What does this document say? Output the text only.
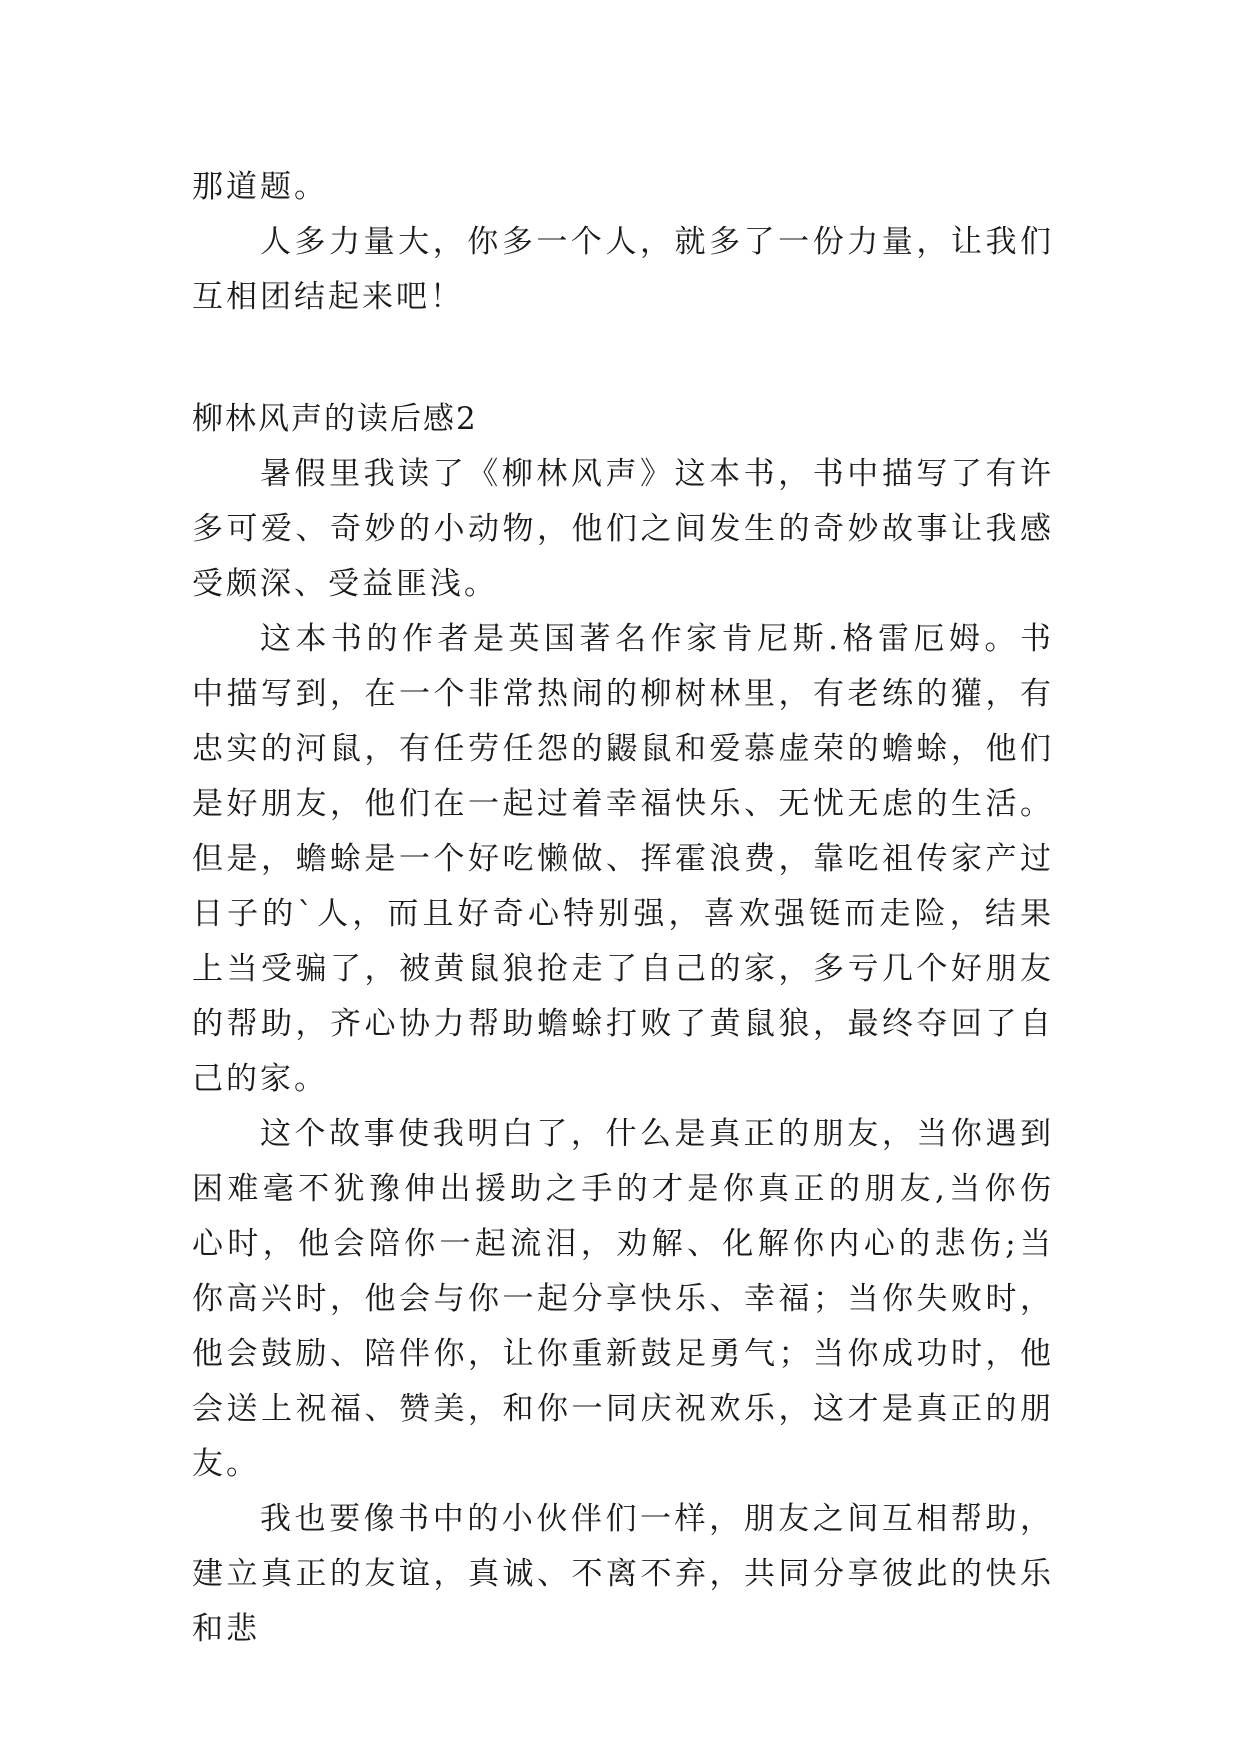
那道题。

人多力量大，你多一个人，就多了一份力量，让我们互相团结起来吧！

柳林风声的读后感2

暑假里我读了《柳林风声》这本书，书中描写了有许多可爱、奇妙的小动物，他们之间发生的奇妙故事让我感受颇深、受益匪浅。

这本书的作者是英国著名作家肯尼斯.格雷厄姆。书中描写到，在一个非常热闹的柳树林里，有老练的獾，有忠实的河鼠，有任劳任怨的鼹鼠和爱慕虚荣的蟾蜍，他们是好朋友，他们在一起过着幸福快乐、无忧无虑的生活。但是，蟾蜍是一个好吃懒做、挥霍浪费，靠吃祖传家产过日子的`人，而且好奇心特别强，喜欢强铤而走险，结果上当受骗了，被黄鼠狼抢走了自己的家，多亏几个好朋友的帮助，齐心协力帮助蟾蜍打败了黄鼠狼，最终夺回了自己的家。

这个故事使我明白了，什么是真正的朋友，当你遇到困难毫不犹豫伸出援助之手的才是你真正的朋友,当你伤心时，他会陪你一起流泪，劝解、化解你内心的悲伤;当你高兴时，他会与你一起分享快乐、幸福；当你失败时，他会鼓励、陪伴你，让你重新鼓足勇气；当你成功时，他会送上祝福、赞美，和你一同庆祝欢乐，这才是真正的朋友。

我也要像书中的小伙伴们一样，朋友之间互相帮助，建立真正的友谊，真诚、不离不弃，共同分享彼此的快乐和悲
